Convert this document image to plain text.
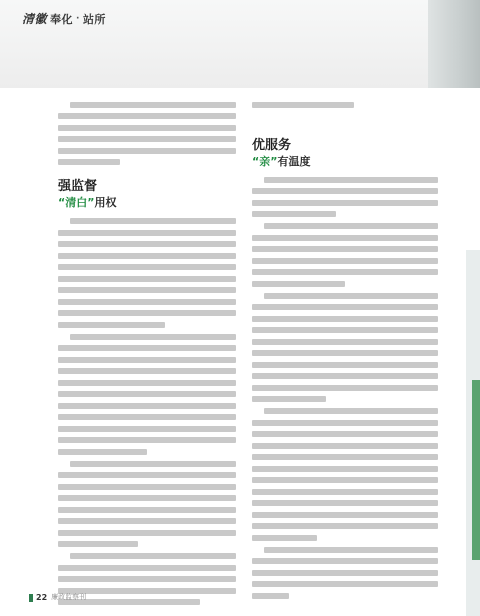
清徽 奉化 · 站所
强监督
“清白”用权
优服务
“亲”有温度
22 廉政监察刊
